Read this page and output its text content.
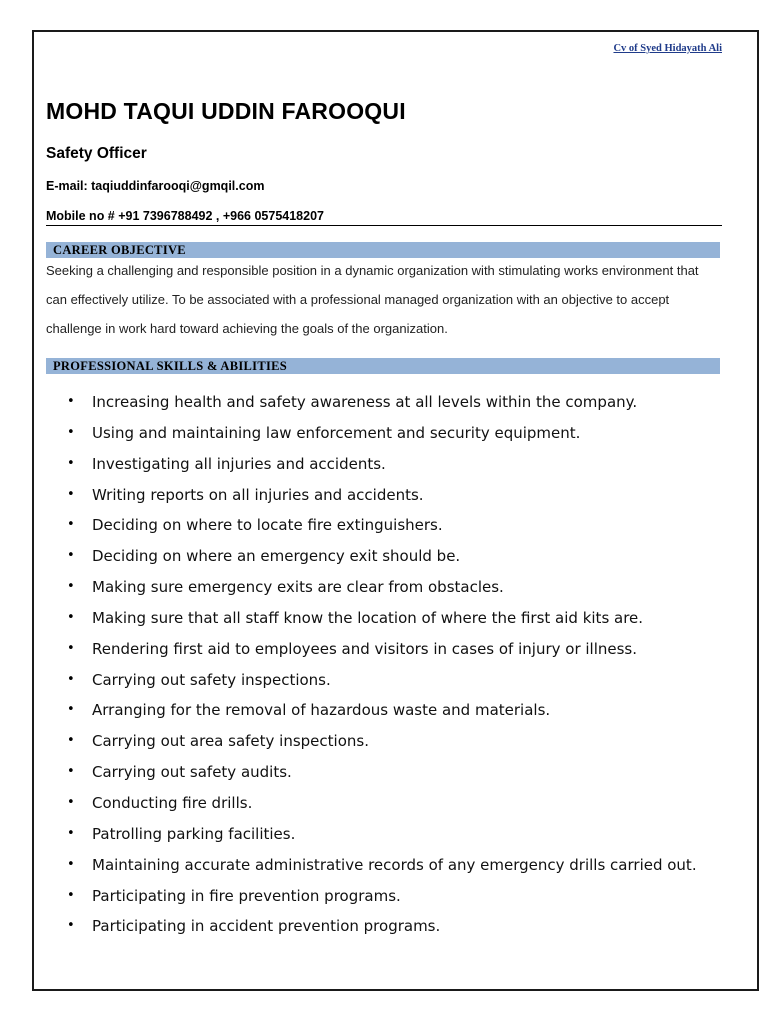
Cv of Syed Hidayath Ali
MOHD TAQUI UDDIN FAROOQUI
Safety Officer
E-mail: taqiuddinfarooqi@gmqil.com
Mobile no # +91 7396788492 , +966 0575418207
CAREER OBJECTIVE

Seeking a challenging and responsible position in a dynamic organization with stimulating works environment that can effectively utilize. To be associated with a professional managed organization with an objective to accept challenge in work hard toward achieving the goals of the organization.

PROFESSIONAL SKILLS & ABILITIES
• Increasing health and safety awareness at all levels within the company.
• Using and maintaining law enforcement and security equipment.
• Investigating all injuries and accidents.
• Writing reports on all injuries and accidents.
• Deciding on where to locate fire extinguishers.
• Deciding on where an emergency exit should be.
• Making sure emergency exits are clear from obstacles.
• Making sure that all staff know the location of where the first aid kits are.
• Rendering first aid to employees and visitors in cases of injury or illness.
• Carrying out safety inspections.
• Arranging for the removal of hazardous waste and materials.
• Carrying out area safety inspections.
• Carrying out safety audits.
• Conducting fire drills.
• Patrolling parking facilities.
• Maintaining accurate administrative records of any emergency drills carried out.
• Participating in fire prevention programs.
• Participating in accident prevention programs.
